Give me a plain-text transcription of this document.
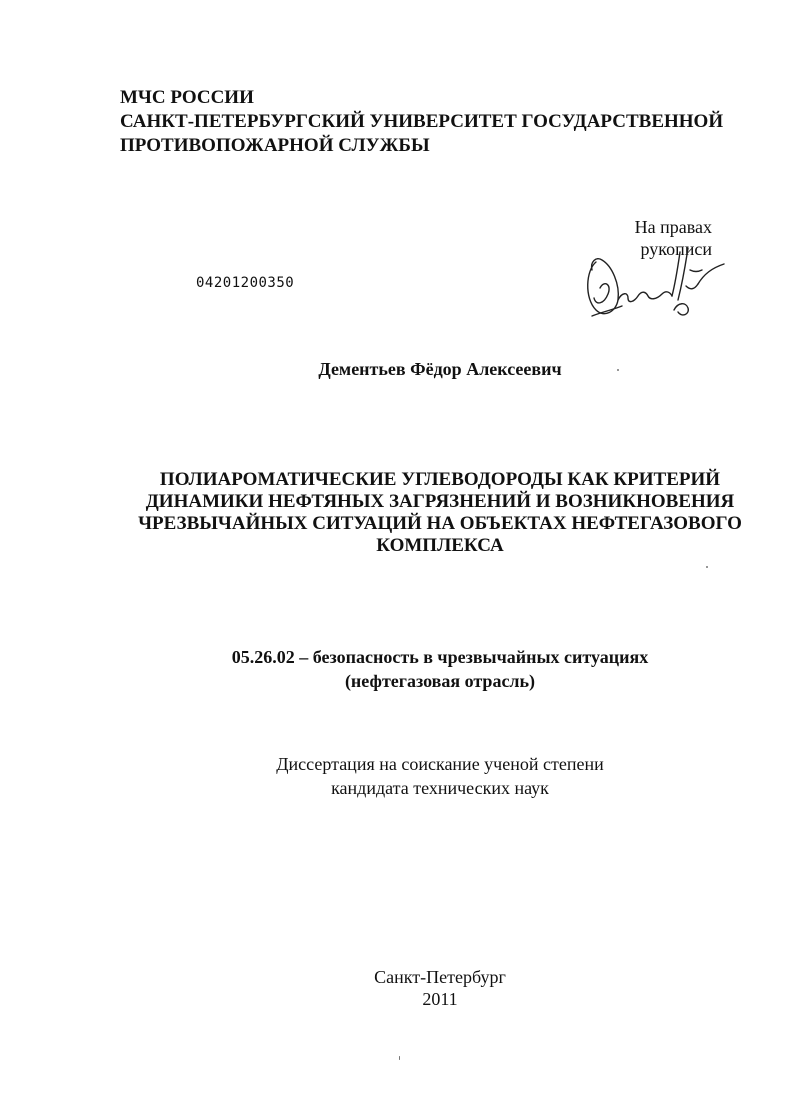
МЧС РОССИИ
САНКТ-ПЕТЕРБУРГСКИЙ УНИВЕРСИТЕТ ГОСУДАРСТВЕННОЙ
ПРОТИВОПОЖАРНОЙ СЛУЖБЫ
На правах рукописи
04201200350
Дементьев Фёдор Алексеевич
ПОЛИАРОМАТИЧЕСКИЕ УГЛЕВОДОРОДЫ КАК КРИТЕРИЙ
ДИНАМИКИ НЕФТЯНЫХ ЗАГРЯЗНЕНИЙ И ВОЗНИКНОВЕНИЯ
ЧРЕЗВЫЧАЙНЫХ СИТУАЦИЙ НА ОБЪЕКТАХ НЕФТЕГАЗОВОГО
КОМПЛЕКСА
05.26.02 – безопасность в чрезвычайных ситуациях
(нефтегазовая отрасль)
Диссертация на соискание ученой степени
кандидата технических наук
Санкт-Петербург
2011
